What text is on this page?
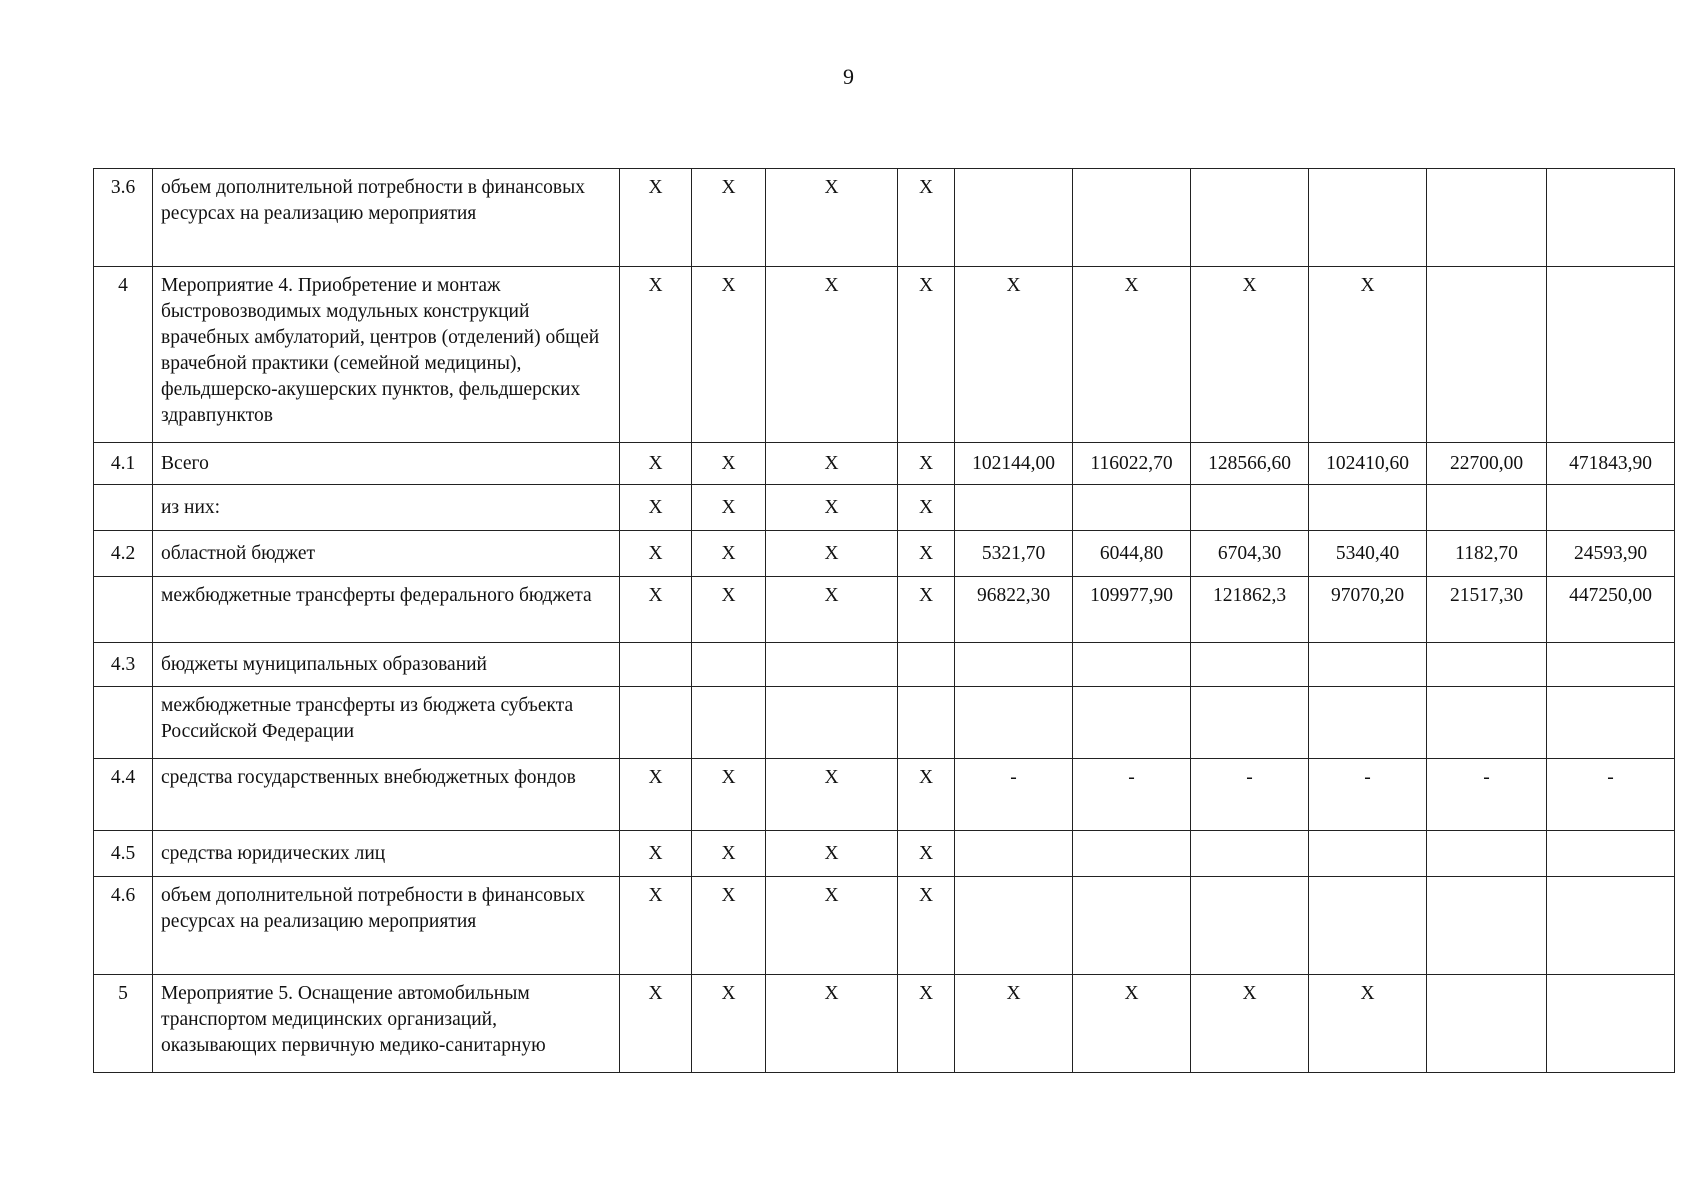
9
3.6	объем дополнительной потребности в финансовых ресурсах на реализацию мероприятия	X	X	X	X						
4	Мероприятие 4. Приобретение и монтаж быстровозводимых модульных конструкций врачебных амбулаторий, центров (отделений) общей врачебной практики (семейной медицины), фельдшерско-акушерских пунктов, фельдшерских здравпунктов	X	X	X	X	X	X	X	X		
4.1	Всего	X	X	X	X	102144,00	116022,70	128566,60	102410,60	22700,00	471843,90
	из них:	X	X	X	X						
4.2	областной бюджет	X	X	X	X	5321,70	6044,80	6704,30	5340,40	1182,70	24593,90
	межбюджетные трансферты федерального бюджета	X	X	X	X	96822,30	109977,90	121862,3	97070,20	21517,30	447250,00
4.3	бюджеты муниципальных образований										
	межбюджетные трансферты из бюджета субъекта Российской Федерации										
4.4	средства государственных внебюджетных фондов	X	X	X	X	-	-	-	-	-	-
4.5	средства юридических лиц	X	X	X	X						
4.6	объем дополнительной потребности в финансовых ресурсах на реализацию мероприятия	X	X	X	X						
5	Мероприятие 5. Оснащение автомобильным транспортом медицинских организаций, оказывающих первичную медико-санитарную	X	X	X	X	X	X	X	X		
